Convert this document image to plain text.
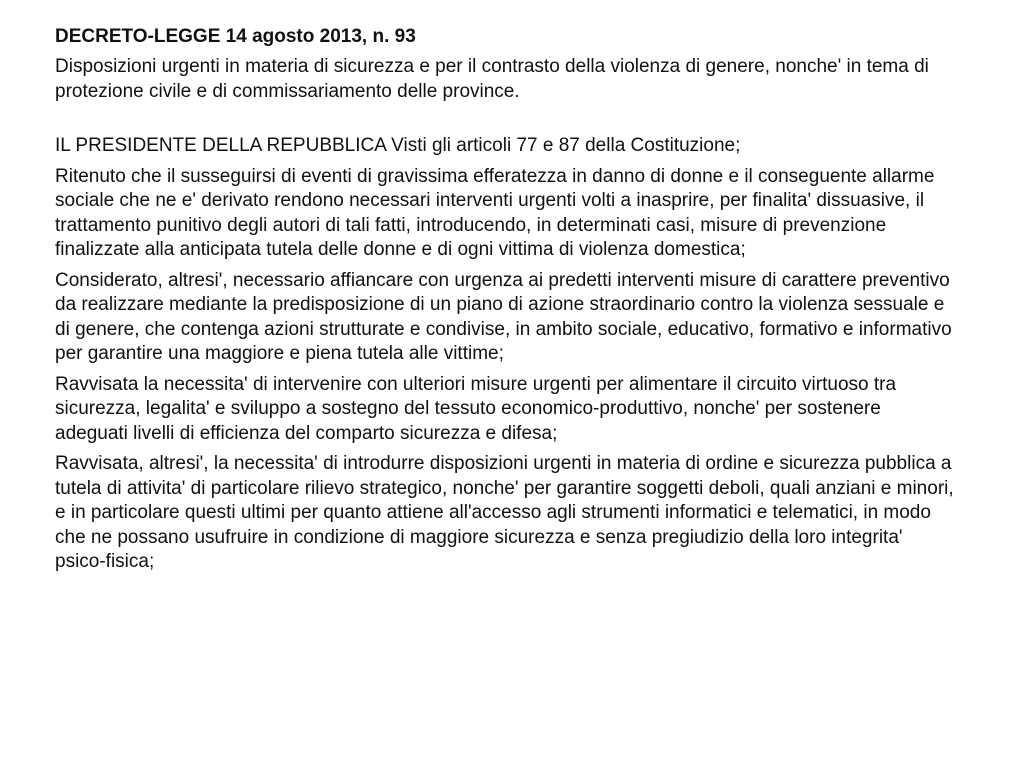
DECRETO-LEGGE 14 agosto 2013, n. 93
Disposizioni urgenti in materia di sicurezza e per il contrasto della violenza di genere, nonche' in tema di protezione civile e di commissariamento delle province.
IL PRESIDENTE DELLA REPUBBLICA Visti gli articoli 77 e 87 della Costituzione;
Ritenuto che il susseguirsi di eventi di gravissima efferatezza in danno di donne e il conseguente allarme sociale che ne e' derivato rendono necessari interventi urgenti volti a inasprire, per finalita' dissuasive, il trattamento punitivo degli autori di tali fatti, introducendo, in determinati casi, misure di prevenzione finalizzate alla anticipata tutela delle donne e di ogni vittima di violenza domestica;
Considerato, altresi', necessario affiancare con urgenza ai predetti interventi misure di carattere preventivo da realizzare mediante la predisposizione di un piano di azione straordinario contro la violenza sessuale e di genere, che contenga azioni strutturate e condivise, in ambito sociale, educativo, formativo e informativo per garantire una maggiore e piena tutela alle vittime;
Ravvisata la necessita' di intervenire con ulteriori misure urgenti per alimentare il circuito virtuoso tra sicurezza, legalita' e sviluppo a sostegno del tessuto economico-produttivo, nonche' per sostenere adeguati livelli di efficienza del comparto sicurezza e difesa;
Ravvisata, altresi', la necessita' di introdurre disposizioni urgenti in materia di ordine e sicurezza pubblica a tutela di attivita' di particolare rilievo strategico, nonche' per garantire soggetti deboli, quali anziani e minori, e in particolare questi ultimi per quanto attiene all'accesso agli strumenti informatici e telematici, in modo che ne possano usufruire in condizione di maggiore sicurezza e senza pregiudizio della loro integrita' psico-fisica;
